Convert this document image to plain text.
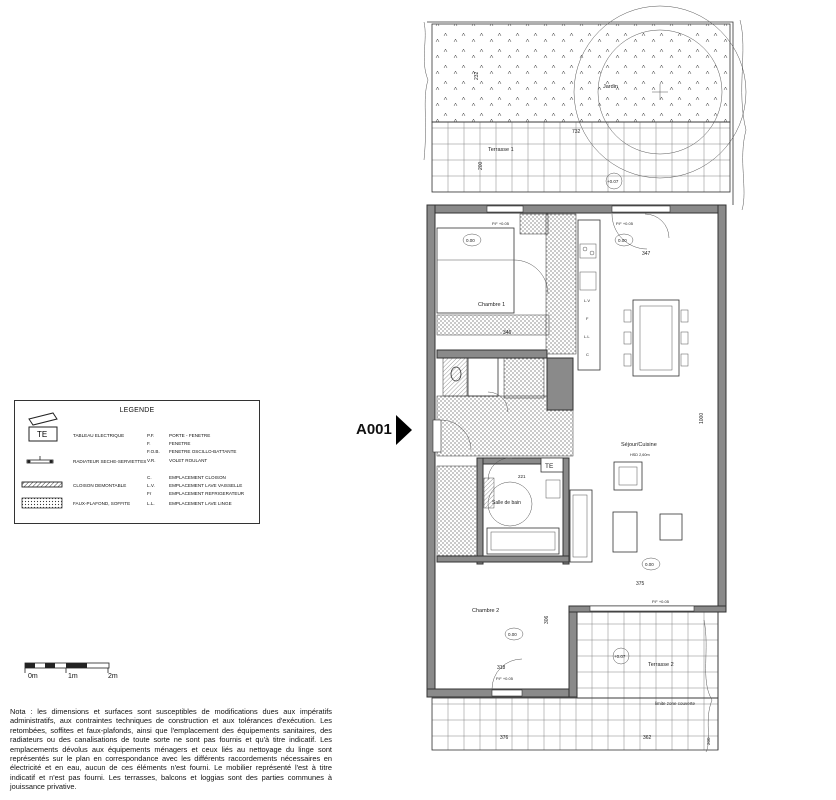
Jardin
232
Terrasse 1
200
+0.07
Chambre 1
346
0.00
P.F +0.05
L.V
F
L.L
C
Séjour/Cuisine
HSD 2,60m
347
1000
375
0.00
0.00
P.F +0.05
P.F +0.05
TE
Salle de bain
221
Chambre 2
318
306
0.00
P.F +0.05
Terrasse 2
+0.07
limite zone couverte
376	362	200
A001
LEGENDE
TE	TABLEAU ELECTRIQUE
RADIATEUR SECHE-SERVIETTES
CLOISON DEMONTABLE
FAUX-PLAFOND, SOFFITE
P.F.	PORTE - FENETRE
F.	FENETRE
F.O.B. FENETRE OSCILLO-BATTANTE
V.R.	VOLET ROULANT
C.	EMPLACEMENT CLOISON
L.V.	EMPLACEMENT LAVE VAISSELLE
Fr	EMPLACEMENT REFRIGERATEUR
L.L.	EMPLACEMENT LAVE LINGE
0m	1m	2m
Nota : les dimensions et surfaces sont susceptibles de modifications dues aux impératifs administratifs, aux contraintes techniques de construction et aux tolérances d'exécution. Les retombées, soffites et faux-plafonds, ainsi que l'emplacement des équipements sanitaires, des radiateurs ou des canalisations de toute sorte ne sont pas fournis et qu'à titre indicatif. Les emplacements dévolus aux équipements ménagers et ceux liés au nettoyage du linge sont représentés sur le plan en correspondance avec les différents raccordements nécessaires en électricité et en eau, aucun de ces éléments n'est fourni. Le mobilier représenté l'est à titre indicatif et n'est pas fourni. Les terrasses, balcons et loggias sont des parties communes à jouissance privative.
